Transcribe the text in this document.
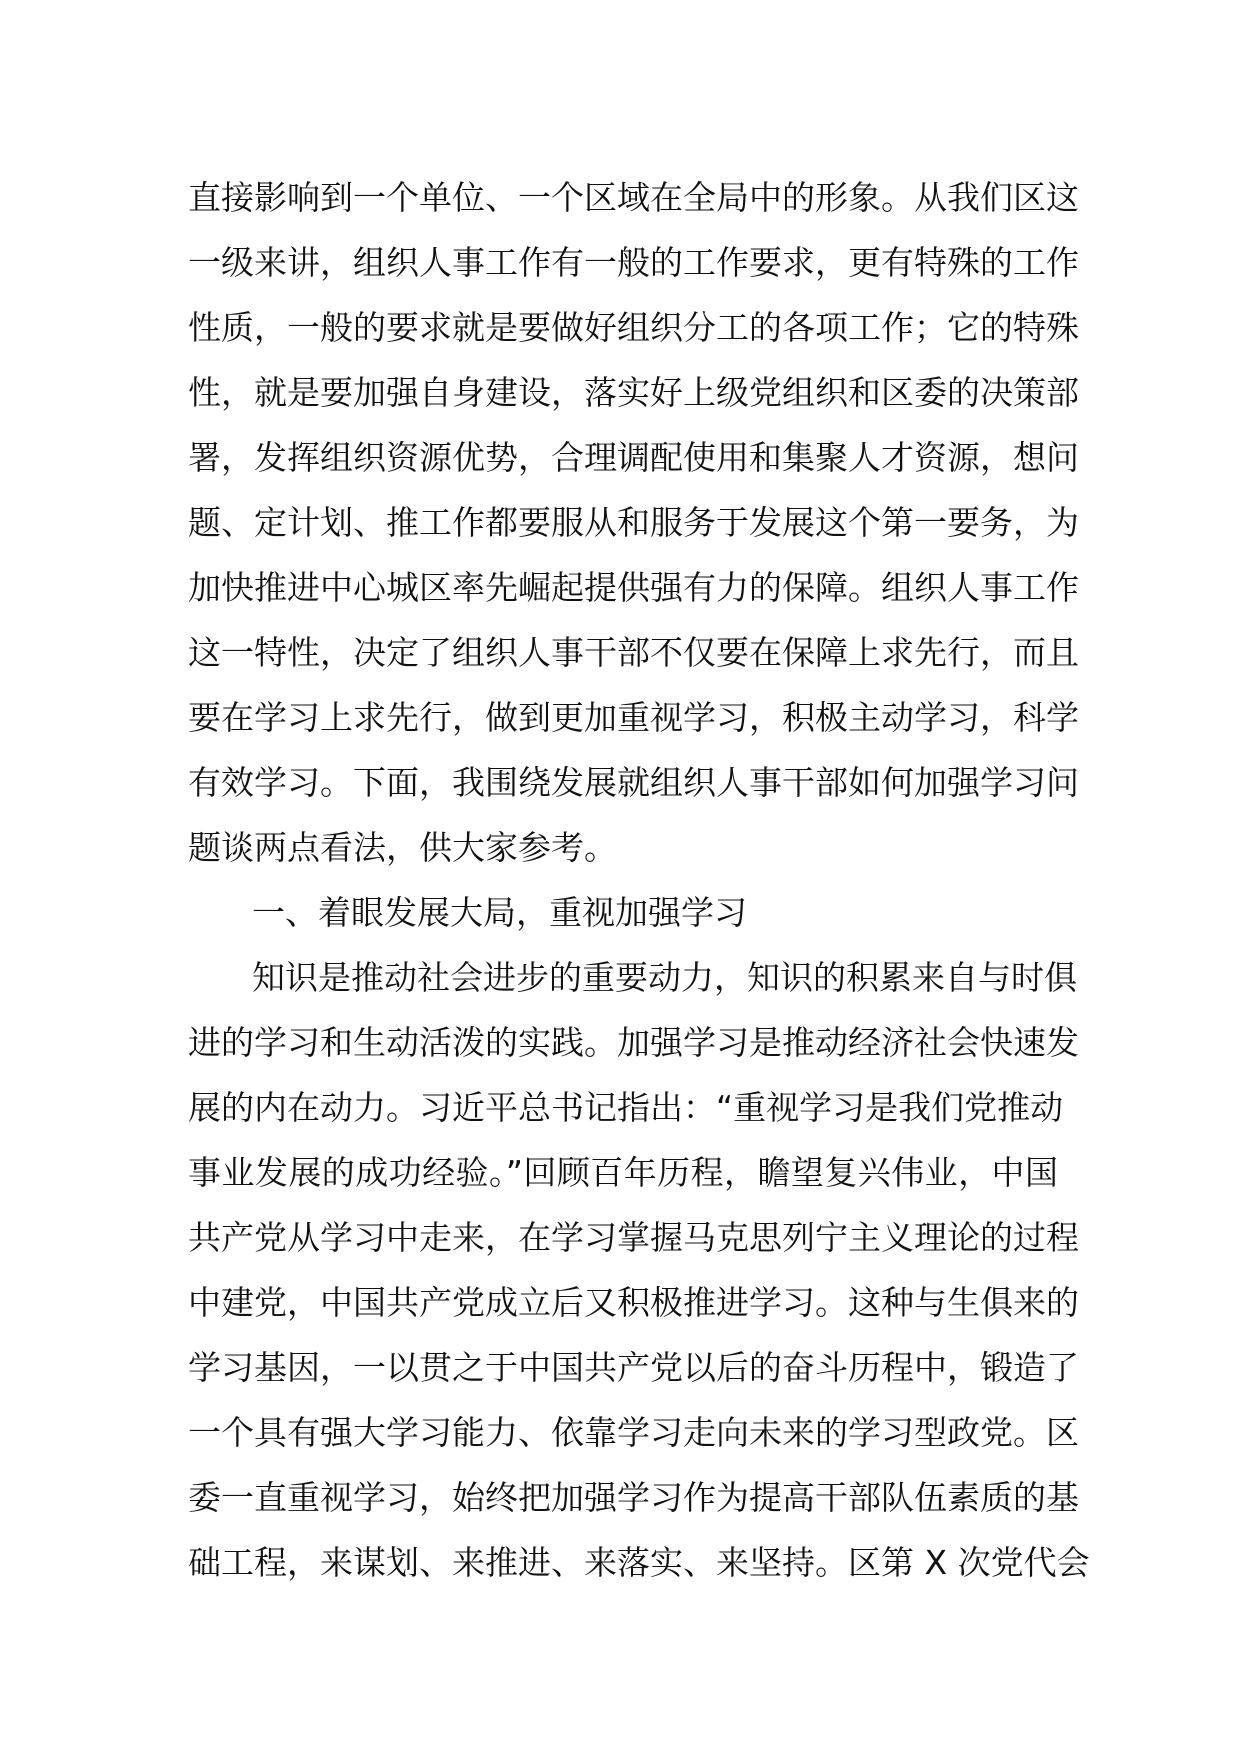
直接影响到一个单位、一个区域在全局中的形象。从我们区这
一级来讲，组织人事工作有一般的工作要求，更有特殊的工作
性质，一般的要求就是要做好组织分工的各项工作；它的特殊
性，就是要加强自身建设，落实好上级党组织和区委的决策部
署，发挥组织资源优势，合理调配使用和集聚人才资源，想问
题、定计划、推工作都要服从和服务于发展这个第一要务，为
加快推进中心城区率先崛起提供强有力的保障。组织人事工作
这一特性，决定了组织人事干部不仅要在保障上求先行，而且
要在学习上求先行，做到更加重视学习，积极主动学习，科学
有效学习。下面，我围绕发展就组织人事干部如何加强学习问
题谈两点看法，供大家参考。
一、着眼发展大局，重视加强学习
知识是推动社会进步的重要动力，知识的积累来自与时俱
进的学习和生动活泼的实践。加强学习是推动经济社会快速发
展的内在动力。习近平总书记指出：“重视学习是我们党推动
事业发展的成功经验。”回顾百年历程，瞻望复兴伟业，中国
共产党从学习中走来，在学习掌握马克思列宁主义理论的过程
中建党，中国共产党成立后又积极推进学习。这种与生俱来的
学习基因，一以贯之于中国共产党以后的奋斗历程中，锻造了
一个具有强大学习能力、依靠学习走向未来的学习型政党。区
委一直重视学习，始终把加强学习作为提高干部队伍素质的基
础工程，来谋划、来推进、来落实、来坚持。区第 X 次党代会
